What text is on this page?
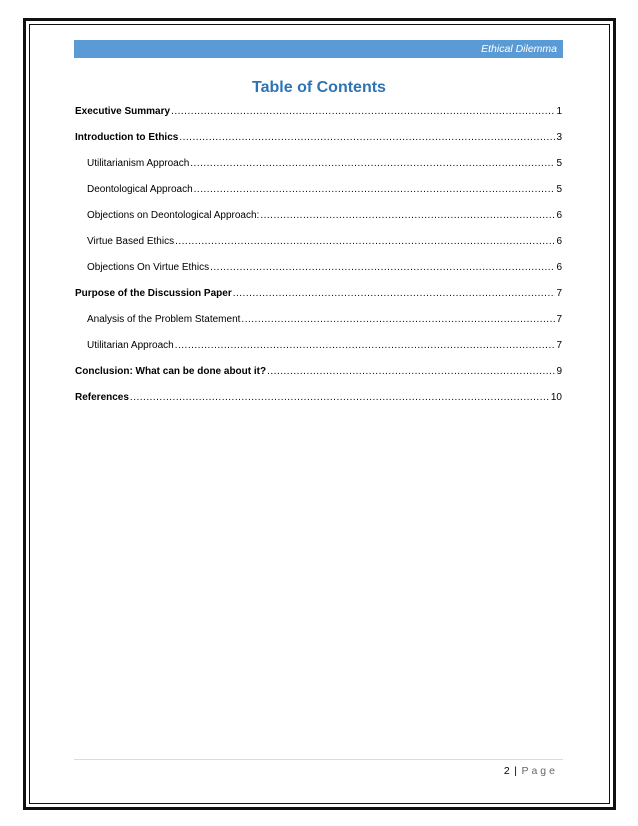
Ethical Dilemma
Table of Contents
Executive Summary .....	1
Introduction to Ethics .....	3
Utilitarianism Approach .....	5
Deontological Approach .....	5
Objections on Deontological Approach: .....	6
Virtue Based Ethics .....	6
Objections On Virtue Ethics .....	6
Purpose of the Discussion Paper .....	7
Analysis of the Problem Statement .....	7
Utilitarian Approach .....	7
Conclusion: What can be done about it? .....	9
References .....	10
2 | Page
